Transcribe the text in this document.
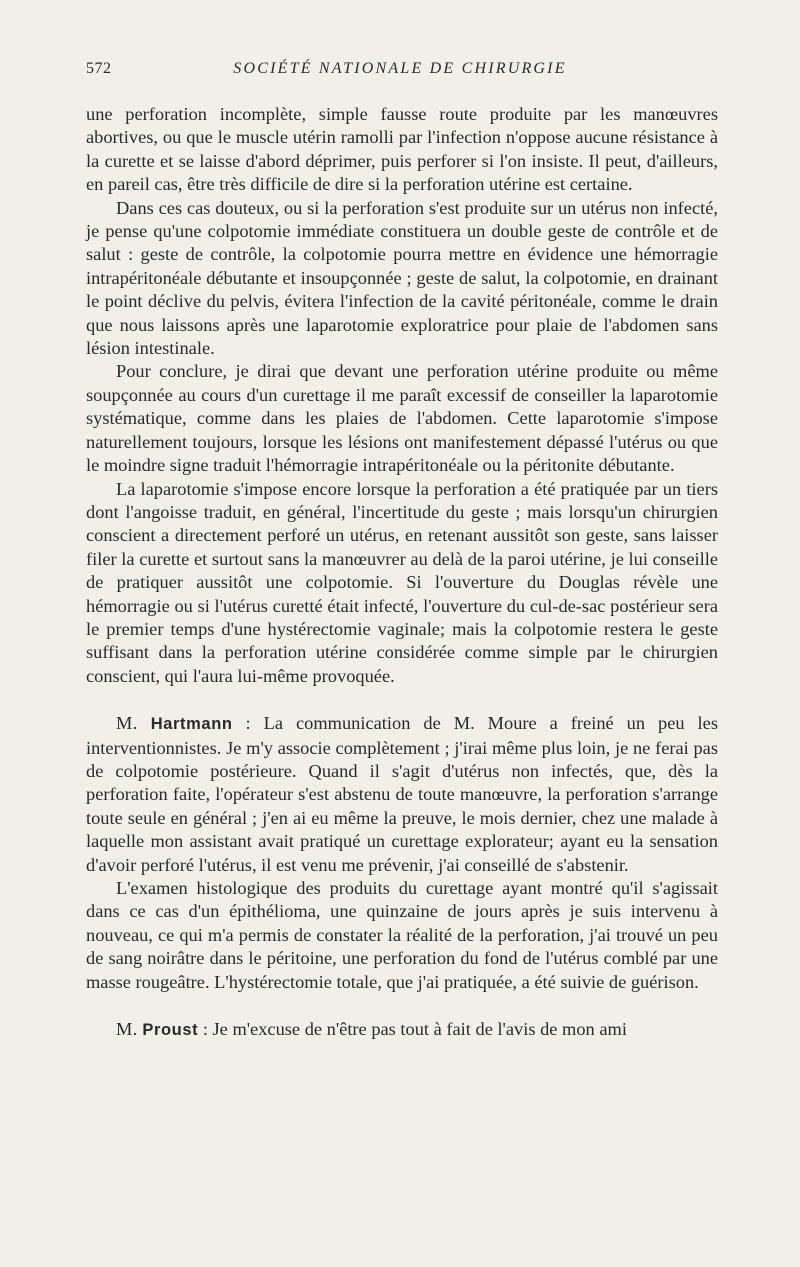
572	SOCIÉTÉ NATIONALE DE CHIRURGIE

une perforation incomplète, simple fausse route produite par les manœuvres abortives, ou que le muscle utérin ramolli par l'infection n'oppose aucune résistance à la curette et se laisse d'abord déprimer, puis perforer si l'on insiste. Il peut, d'ailleurs, en pareil cas, être très difficile de dire si la perforation utérine est certaine.

Dans ces cas douteux, ou si la perforation s'est produite sur un utérus non infecté, je pense qu'une colpotomie immédiate constituera un double geste de contrôle et de salut : geste de contrôle, la colpotomie pourra mettre en évidence une hémorragie intrapéritonéale débutante et insoupçonnée ; geste de salut, la colpotomie, en drainant le point déclive du pelvis, évitera l'infection de la cavité péritonéale, comme le drain que nous laissons après une laparotomie exploratrice pour plaie de l'abdomen sans lésion intestinale.

Pour conclure, je dirai que devant une perforation utérine produite ou même soupçonnée au cours d'un curettage il me paraît excessif de conseiller la laparotomie systématique, comme dans les plaies de l'abdomen. Cette laparotomie s'impose naturellement toujours, lorsque les lésions ont manifestement dépassé l'utérus ou que le moindre signe traduit l'hémorragie intrapéritonéale ou la péritonite débutante.

La laparotomie s'impose encore lorsque la perforation a été pratiquée par un tiers dont l'angoisse traduit, en général, l'incertitude du geste ; mais lorsqu'un chirurgien conscient a directement perforé un utérus, en retenant aussitôt son geste, sans laisser filer la curette et surtout sans la manœuvrer au delà de la paroi utérine, je lui conseille de pratiquer aussitôt une colpotomie. Si l'ouverture du Douglas révèle une hémorragie ou si l'utérus curetté était infecté, l'ouverture du cul-de-sac postérieur sera le premier temps d'une hystérectomie vaginale; mais la colpotomie restera le geste suffisant dans la perforation utérine considérée comme simple par le chirurgien conscient, qui l'aura lui-même provoquée.

M. Hartmann : La communication de M. Moure a freiné un peu les interventionnistes. Je m'y associe complètement ; j'irai même plus loin, je ne ferai pas de colpotomie postérieure. Quand il s'agit d'utérus non infectés, que, dès la perforation faite, l'opérateur s'est abstenu de toute manœuvre, la perforation s'arrange toute seule en général ; j'en ai eu même la preuve, le mois dernier, chez une malade à laquelle mon assistant avait pratiqué un curettage explorateur; ayant eu la sensation d'avoir perforé l'utérus, il est venu me prévenir, j'ai conseillé de s'abstenir.

L'examen histologique des produits du curettage ayant montré qu'il s'agissait dans ce cas d'un épithélioma, une quinzaine de jours après je suis intervenu à nouveau, ce qui m'a permis de constater la réalité de la perforation, j'ai trouvé un peu de sang noirâtre dans le péritoine, une perforation du fond de l'utérus comblé par une masse rougeâtre. L'hystérectomie totale, que j'ai pratiquée, a été suivie de guérison.

M. Proust : Je m'excuse de n'être pas tout à fait de l'avis de mon ami
